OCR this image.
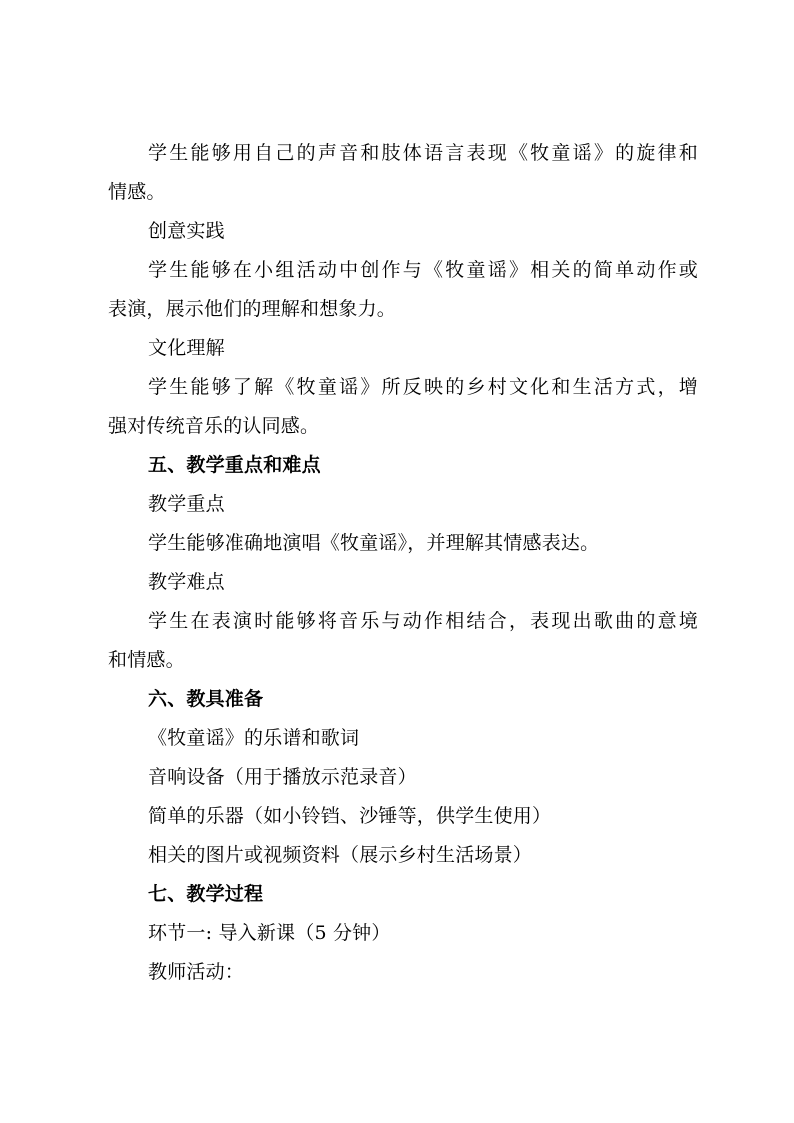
学生能够用自己的声音和肢体语言表现《牧童谣》的旋律和
情感。
创意实践
学生能够在小组活动中创作与《牧童谣》相关的简单动作或
表演，展示他们的理解和想象力。
文化理解
学生能够了解《牧童谣》所反映的乡村文化和生活方式，增
强对传统音乐的认同感。
五、教学重点和难点
教学重点
学生能够准确地演唱《牧童谣》，并理解其情感表达。
教学难点
学生在表演时能够将音乐与动作相结合，表现出歌曲的意境
和情感。
六、教具准备
《牧童谣》的乐谱和歌词
音响设备（用于播放示范录音）
简单的乐器（如小铃铛、沙锤等，供学生使用）
相关的图片或视频资料（展示乡村生活场景）
七、教学过程
环节一: 导入新课（5 分钟）
教师活动：
